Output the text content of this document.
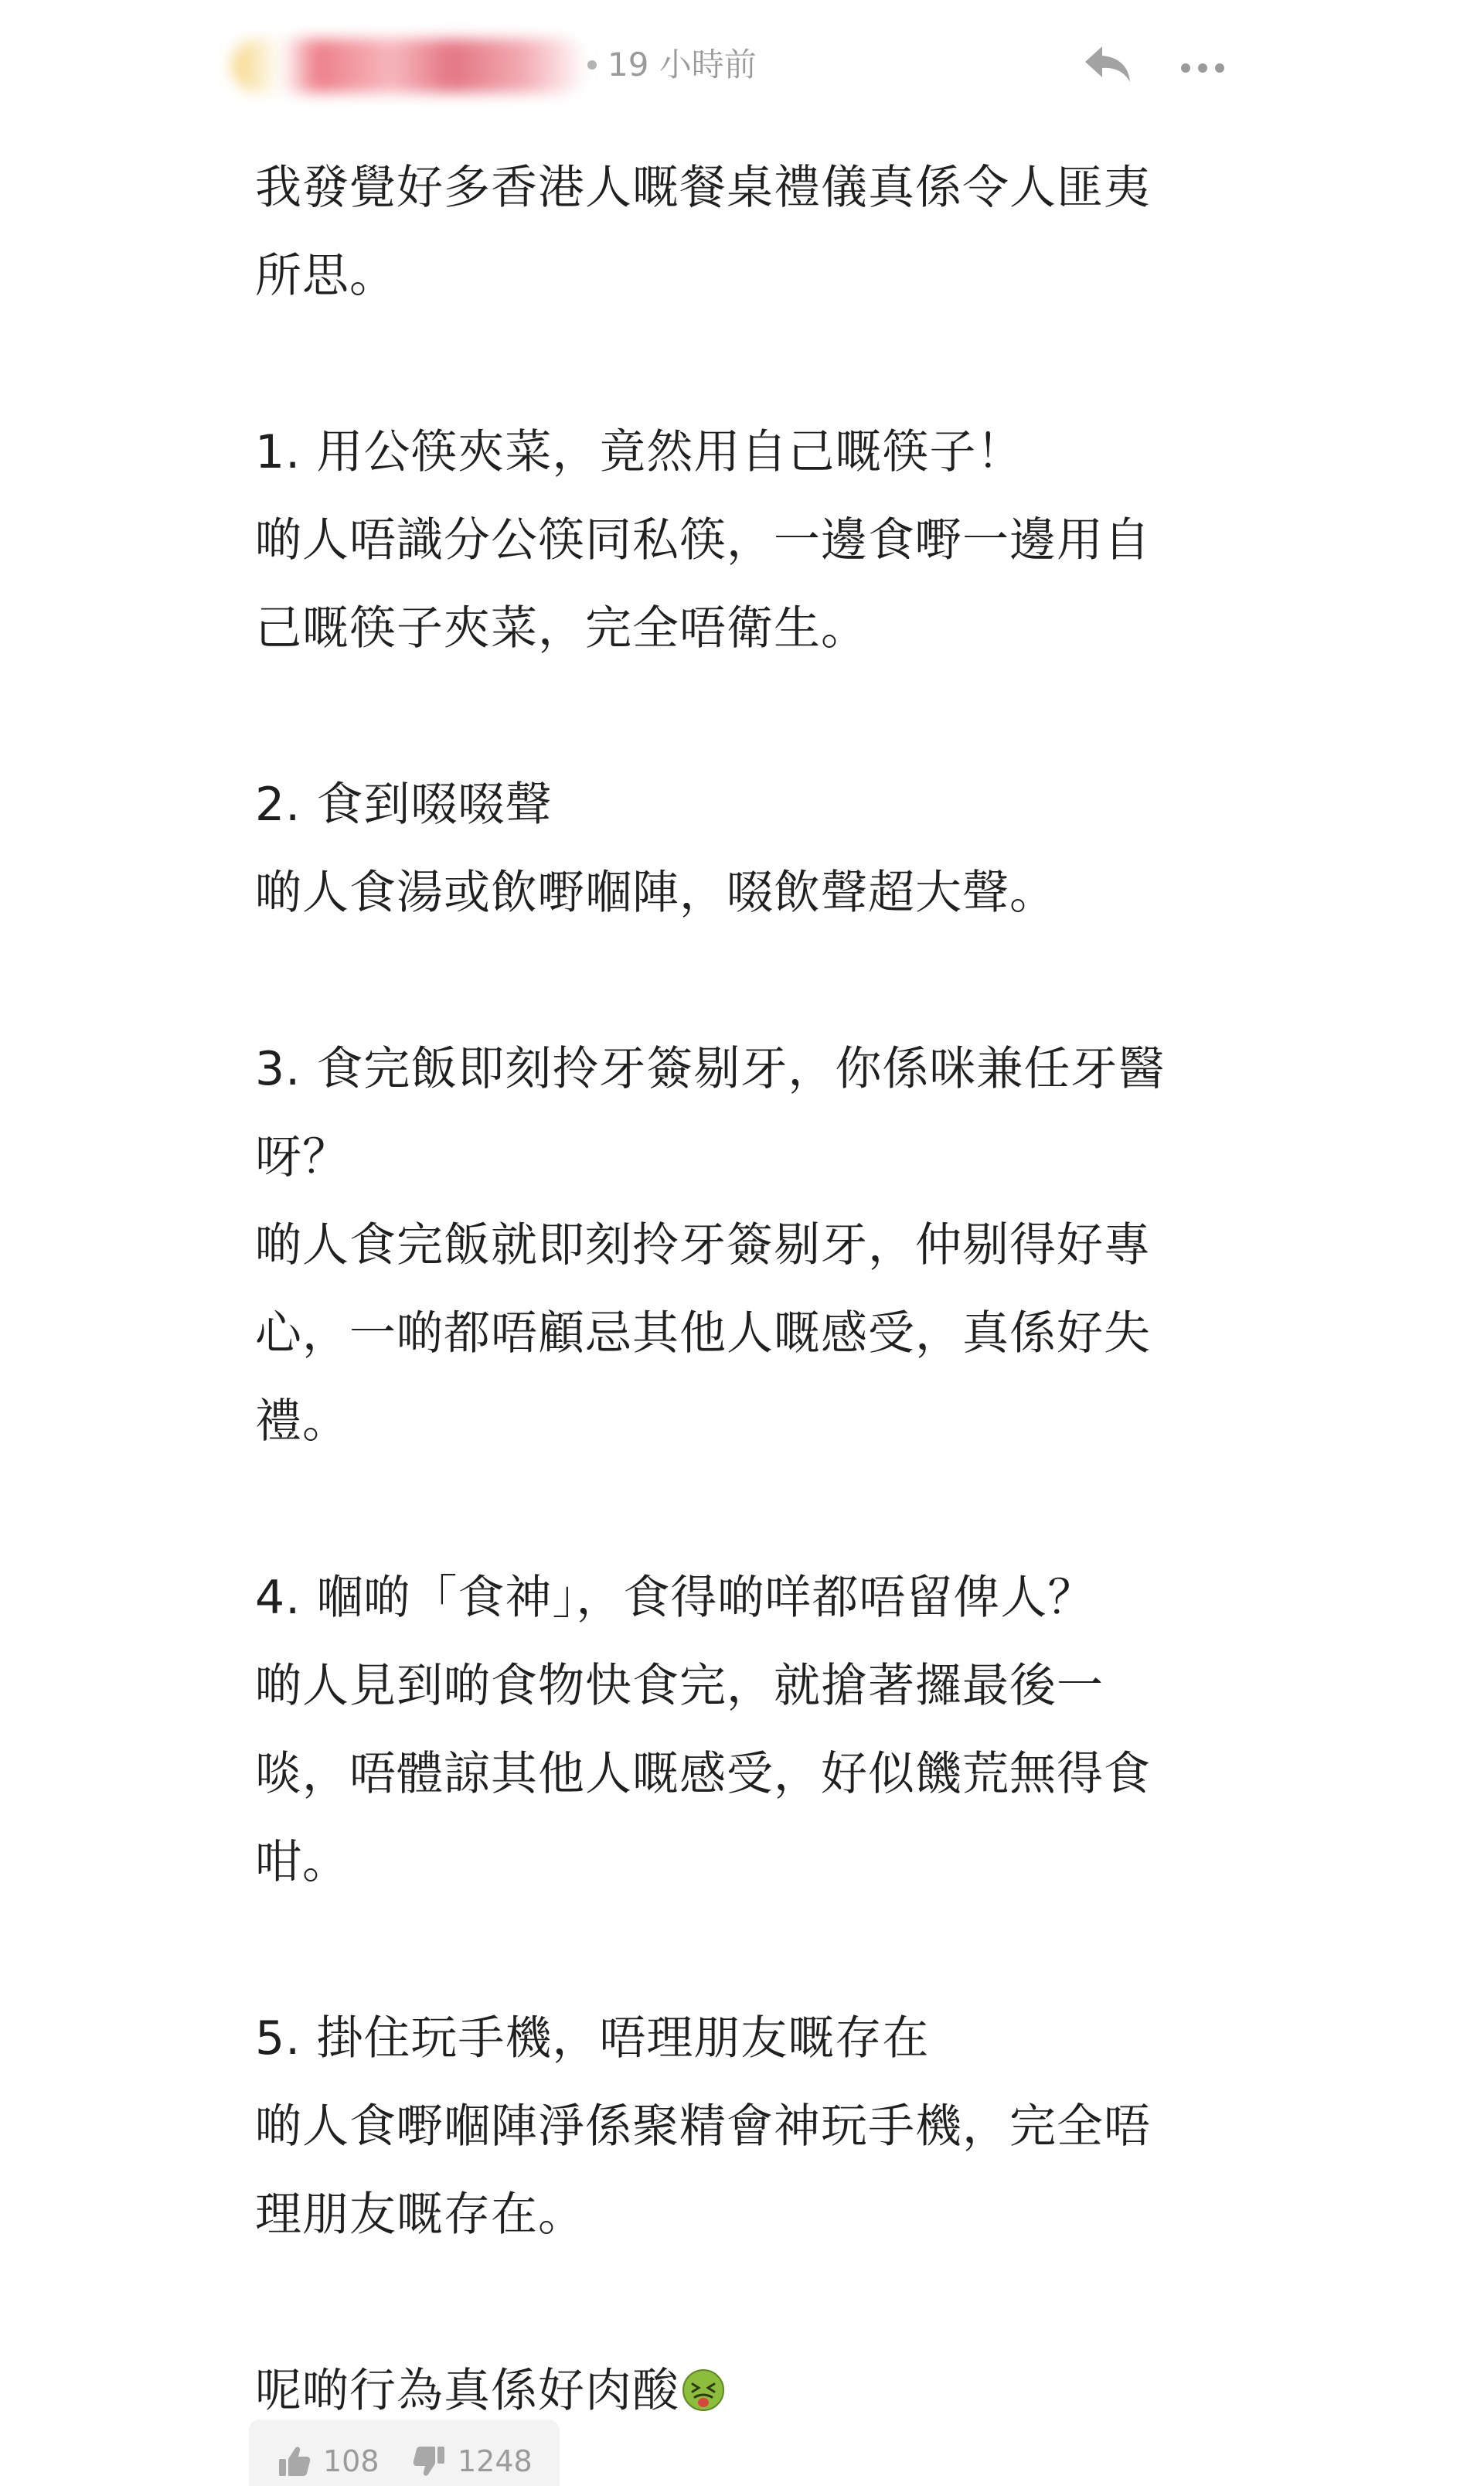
19 小時前

我發覺好多香港人嘅餐桌禮儀真係令人匪夷

所思。

1. 用公筷夾菜，竟然用自己嘅筷子！

啲人唔識分公筷同私筷，一邊食嘢一邊用自

己嘅筷子夾菜，完全唔衛生。

2. 食到啜啜聲

啲人食湯或飲嘢嗰陣，啜飲聲超大聲。

3. 食完飯即刻拎牙簽剔牙，你係咪兼任牙醫

呀？

啲人食完飯就即刻拎牙簽剔牙，仲剔得好專

心，一啲都唔顧忌其他人嘅感受，真係好失

禮。

4. 嗰啲「食神」，食得啲咩都唔留俾人？

啲人見到啲食物快食完，就搶著攞最後一

啖，唔體諒其他人嘅感受，好似饑荒無得食

咁。

5. 掛住玩手機，唔理朋友嘅存在

啲人食嘢嗰陣淨係聚精會神玩手機，完全唔

理朋友嘅存在。

呢啲行為真係好肉酸

108	1248
